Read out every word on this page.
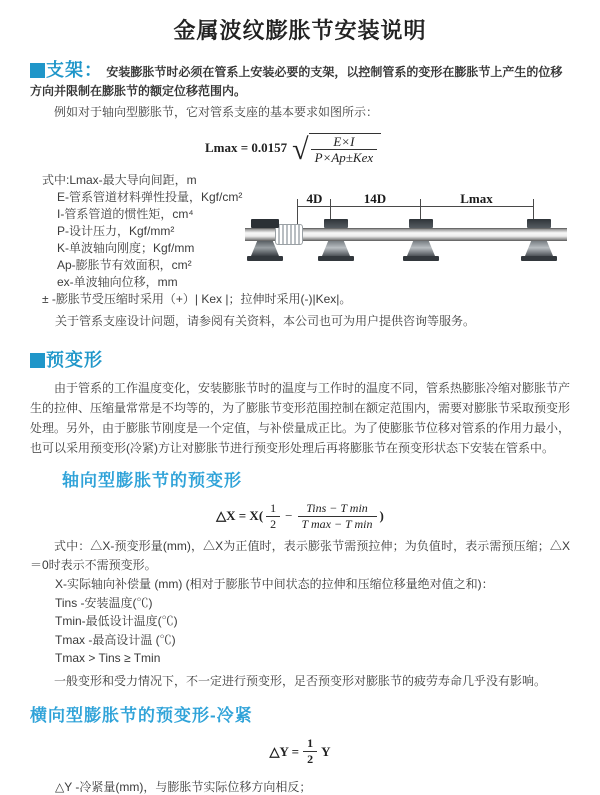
金属波纹膨胀节安装说明
支架： 安装膨胀节时必须在管系上安装必要的支架，以控制管系的变形在膨胀节上产生的位移方向并限制在膨胀节的额定位移范围内。
例如对于轴向型膨胀节，它对管系支座的基本要求如图所示：
Lmax = 0.0157 √ $\frac{E\times I}{\text{P×Ap±Kex}}$
式中:Lmax-最大导向间距，m
E-管系管道材料弹性投量，Kgf/cm²
I-管系管道的惯性矩，cm⁴
P-设计压力，Kgf/mm²
K-单波轴向刚度；Kgf/mm
Ap-膨胀节有效面积，cm²
ex-单波轴向位移，mm
± -膨胀节受压缩时采用（+）| Kex |；拉伸时采用(-)|Kex|。
关于管系支座设计问题，请参阅有关资料，本公司也可为用户提供咨询等服务。
4D	14D	Lmax
预变形
由于管系的工作温度变化，安装膨胀节时的温度与工作时的温度不同，管系热膨胀冷缩对膨胀节产生的拉伸、压缩量常常是不均等的，为了膨胀节变形范围控制在额定范围内，需要对膨胀节采取预变形处理。另外，由于膨胀节刚度是一个定值，与补偿量成正比。为了使膨胀节位移对管系的作用力最小，也可以采用预变形(冷紧)方让对膨胀节进行预变形处理后再将膨胀节在预变形状态下安装在管系中。
轴向型膨胀节的预变形
△X = $X( \frac{1}{2} - \frac{\text{Tins − T min}}{\text{T max − T min}}$ )
式中：△X-预变形量(mm)，△X为正值时，表示膨张节需预拉伸；为负值时，表示需预压缩；△X＝0时表示不需预变形。
X-实际轴向补偿量 (mm) (相对于膨胀节中间状态的拉伸和压缩位移量绝对值之和)：
Tins -安装温度(℃)
Tmin-最低设计温度(℃)
Tmax -最高设计温 (℃)
Tmax > Tins ≥ Tmin
一般变形和受力情况下，不一定进行预变形，足否预变形对膨胀节的疲劳寿命几乎没有影响。
横向型膨胀节的预变形-冷紧
△Y = $\frac{1}{2}$ Y
△Y -冷紧量(mm)，与膨胀节实际位移方向相反；
